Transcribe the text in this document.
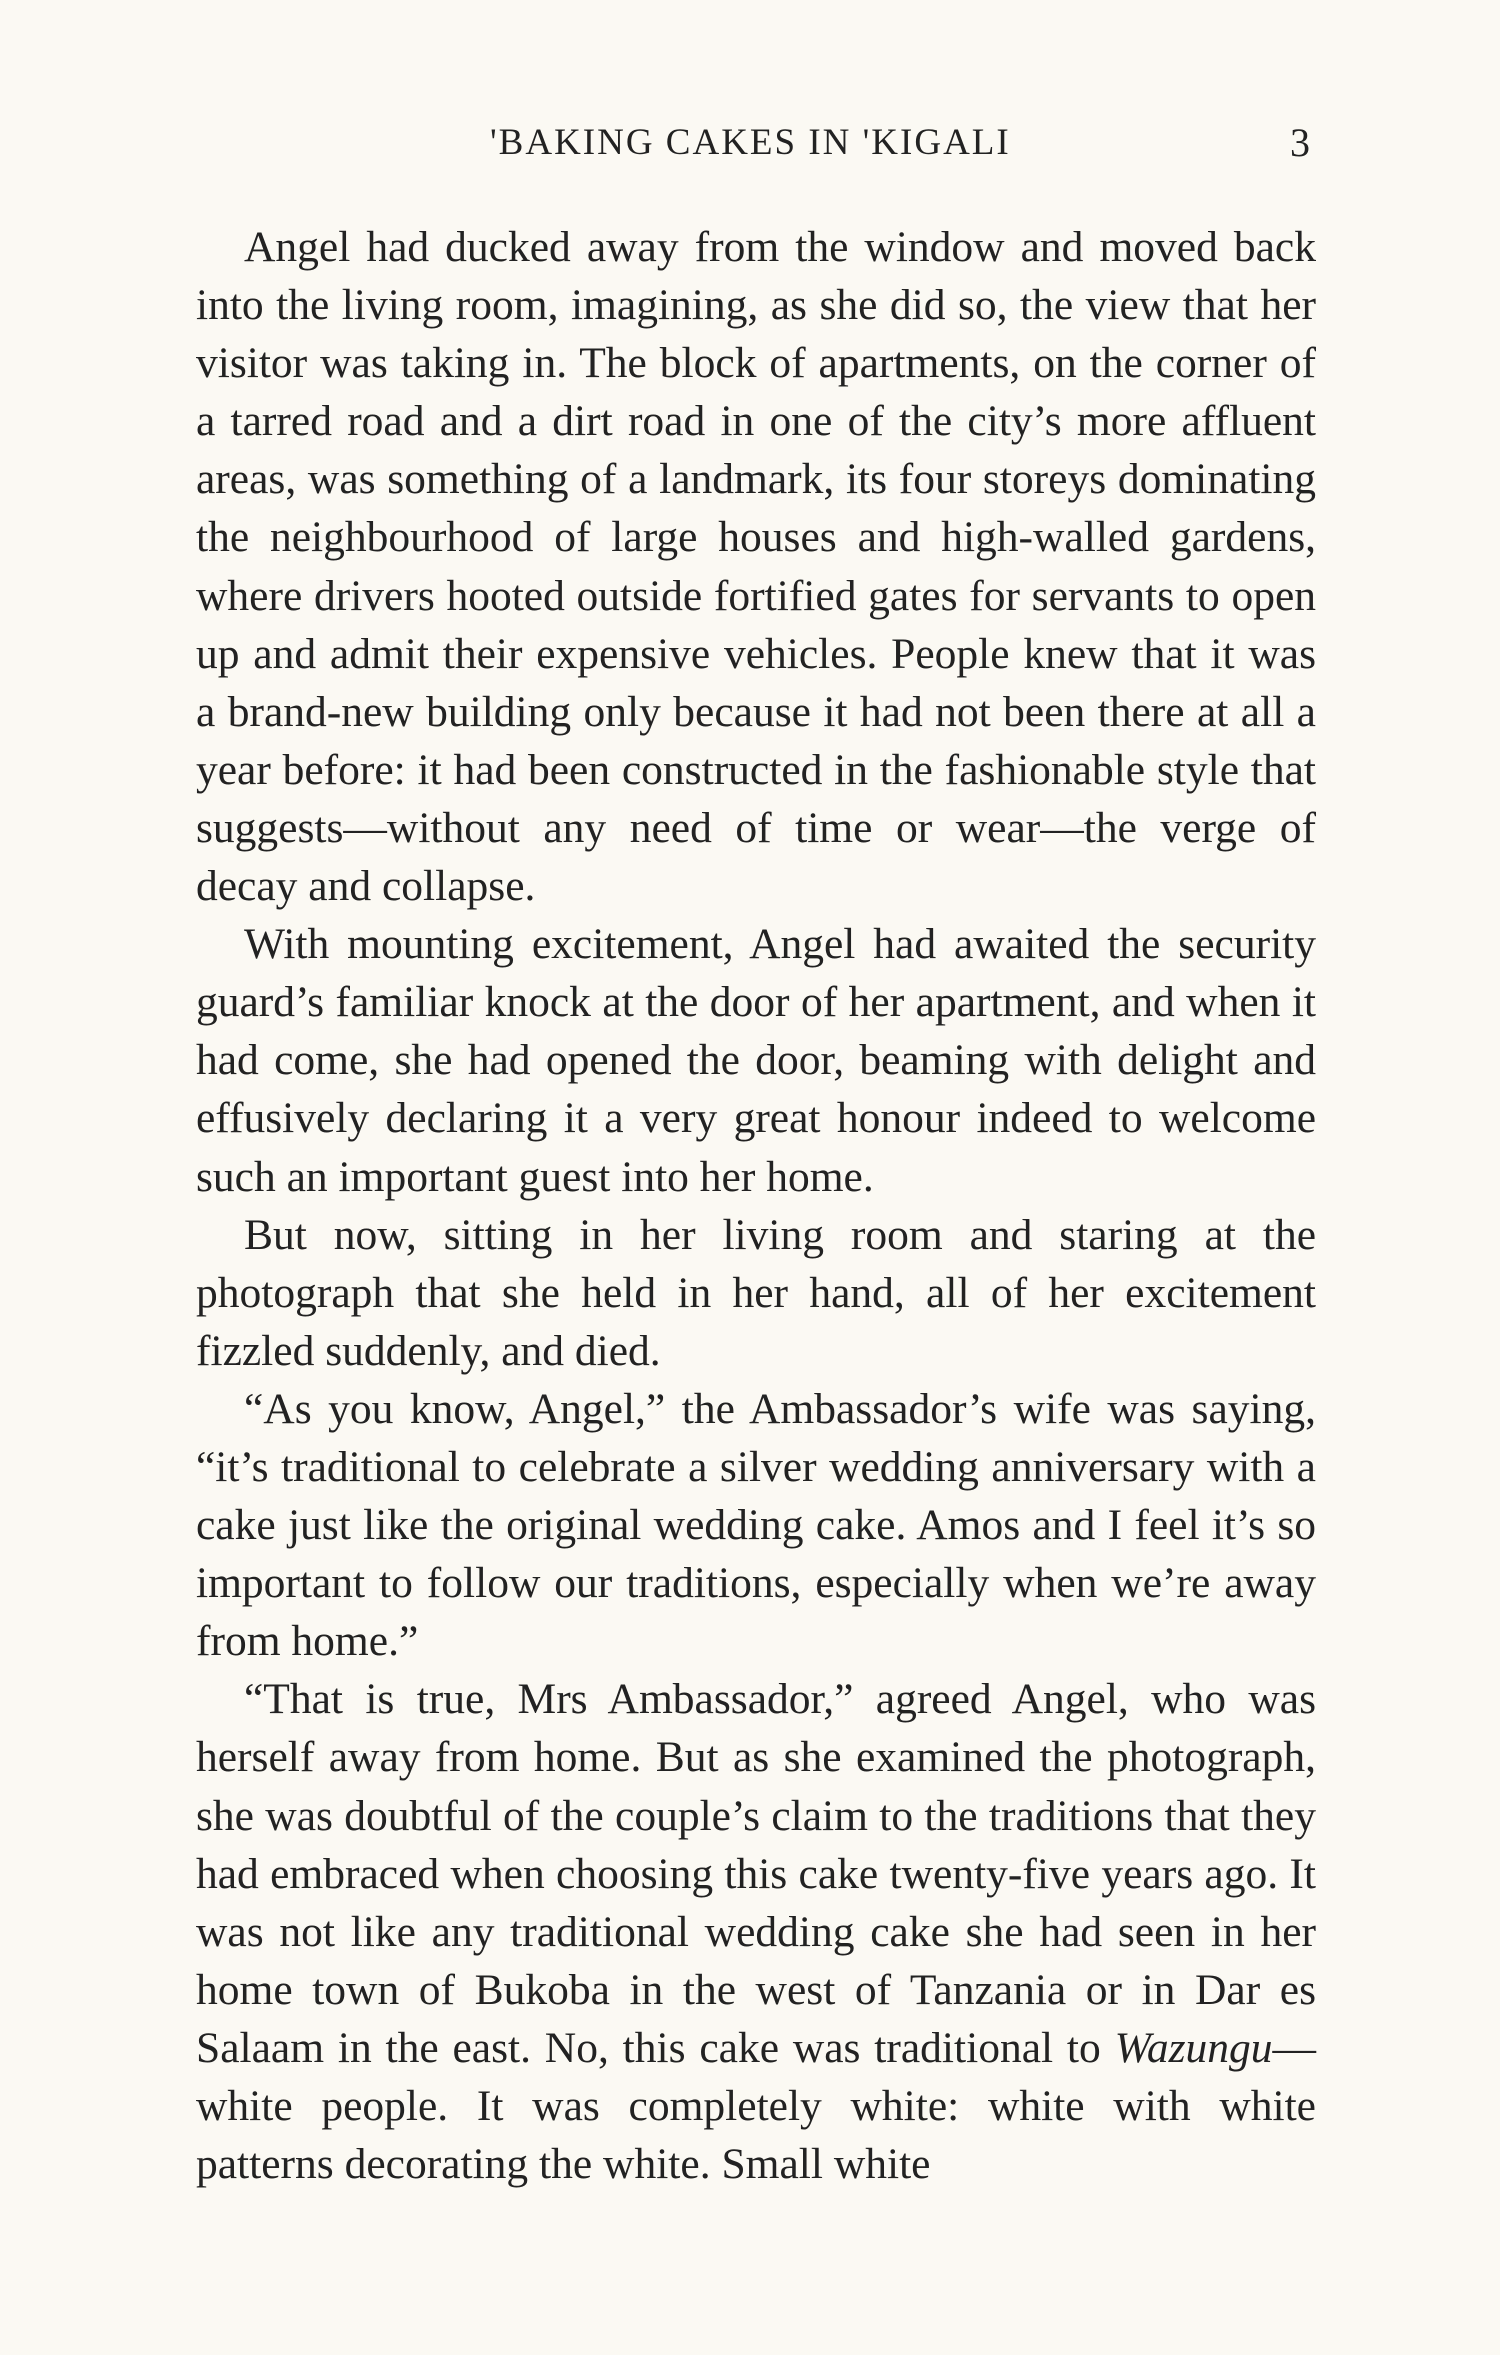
'BAKING CAKES IN 'KIGALI	3

Angel had ducked away from the window and moved back into the living room, imagining, as she did so, the view that her visitor was taking in. The block of apartments, on the corner of a tarred road and a dirt road in one of the city’s more affluent areas, was something of a landmark, its four storeys dominating the neighbourhood of large houses and high-walled gardens, where drivers hooted outside fortified gates for servants to open up and admit their expensive vehicles. People knew that it was a brand-new building only because it had not been there at all a year before: it had been constructed in the fashionable style that suggests—without any need of time or wear—the verge of decay and collapse.

With mounting excitement, Angel had awaited the security guard’s familiar knock at the door of her apartment, and when it had come, she had opened the door, beaming with delight and effusively declaring it a very great honour indeed to welcome such an important guest into her home.

But now, sitting in her living room and staring at the photograph that she held in her hand, all of her excitement fizzled suddenly, and died.

“As you know, Angel,” the Ambassador’s wife was saying, “it’s traditional to celebrate a silver wedding anniversary with a cake just like the original wedding cake. Amos and I feel it’s so important to follow our traditions, especially when we’re away from home.”

“That is true, Mrs Ambassador,” agreed Angel, who was herself away from home. But as she examined the photograph, she was doubtful of the couple’s claim to the traditions that they had embraced when choosing this cake twenty-five years ago. It was not like any traditional wedding cake she had seen in her home town of Bukoba in the west of Tanzania or in Dar es Salaam in the east. No, this cake was traditional to Wazungu—white people. It was completely white: white with white patterns decorating the white. Small white
